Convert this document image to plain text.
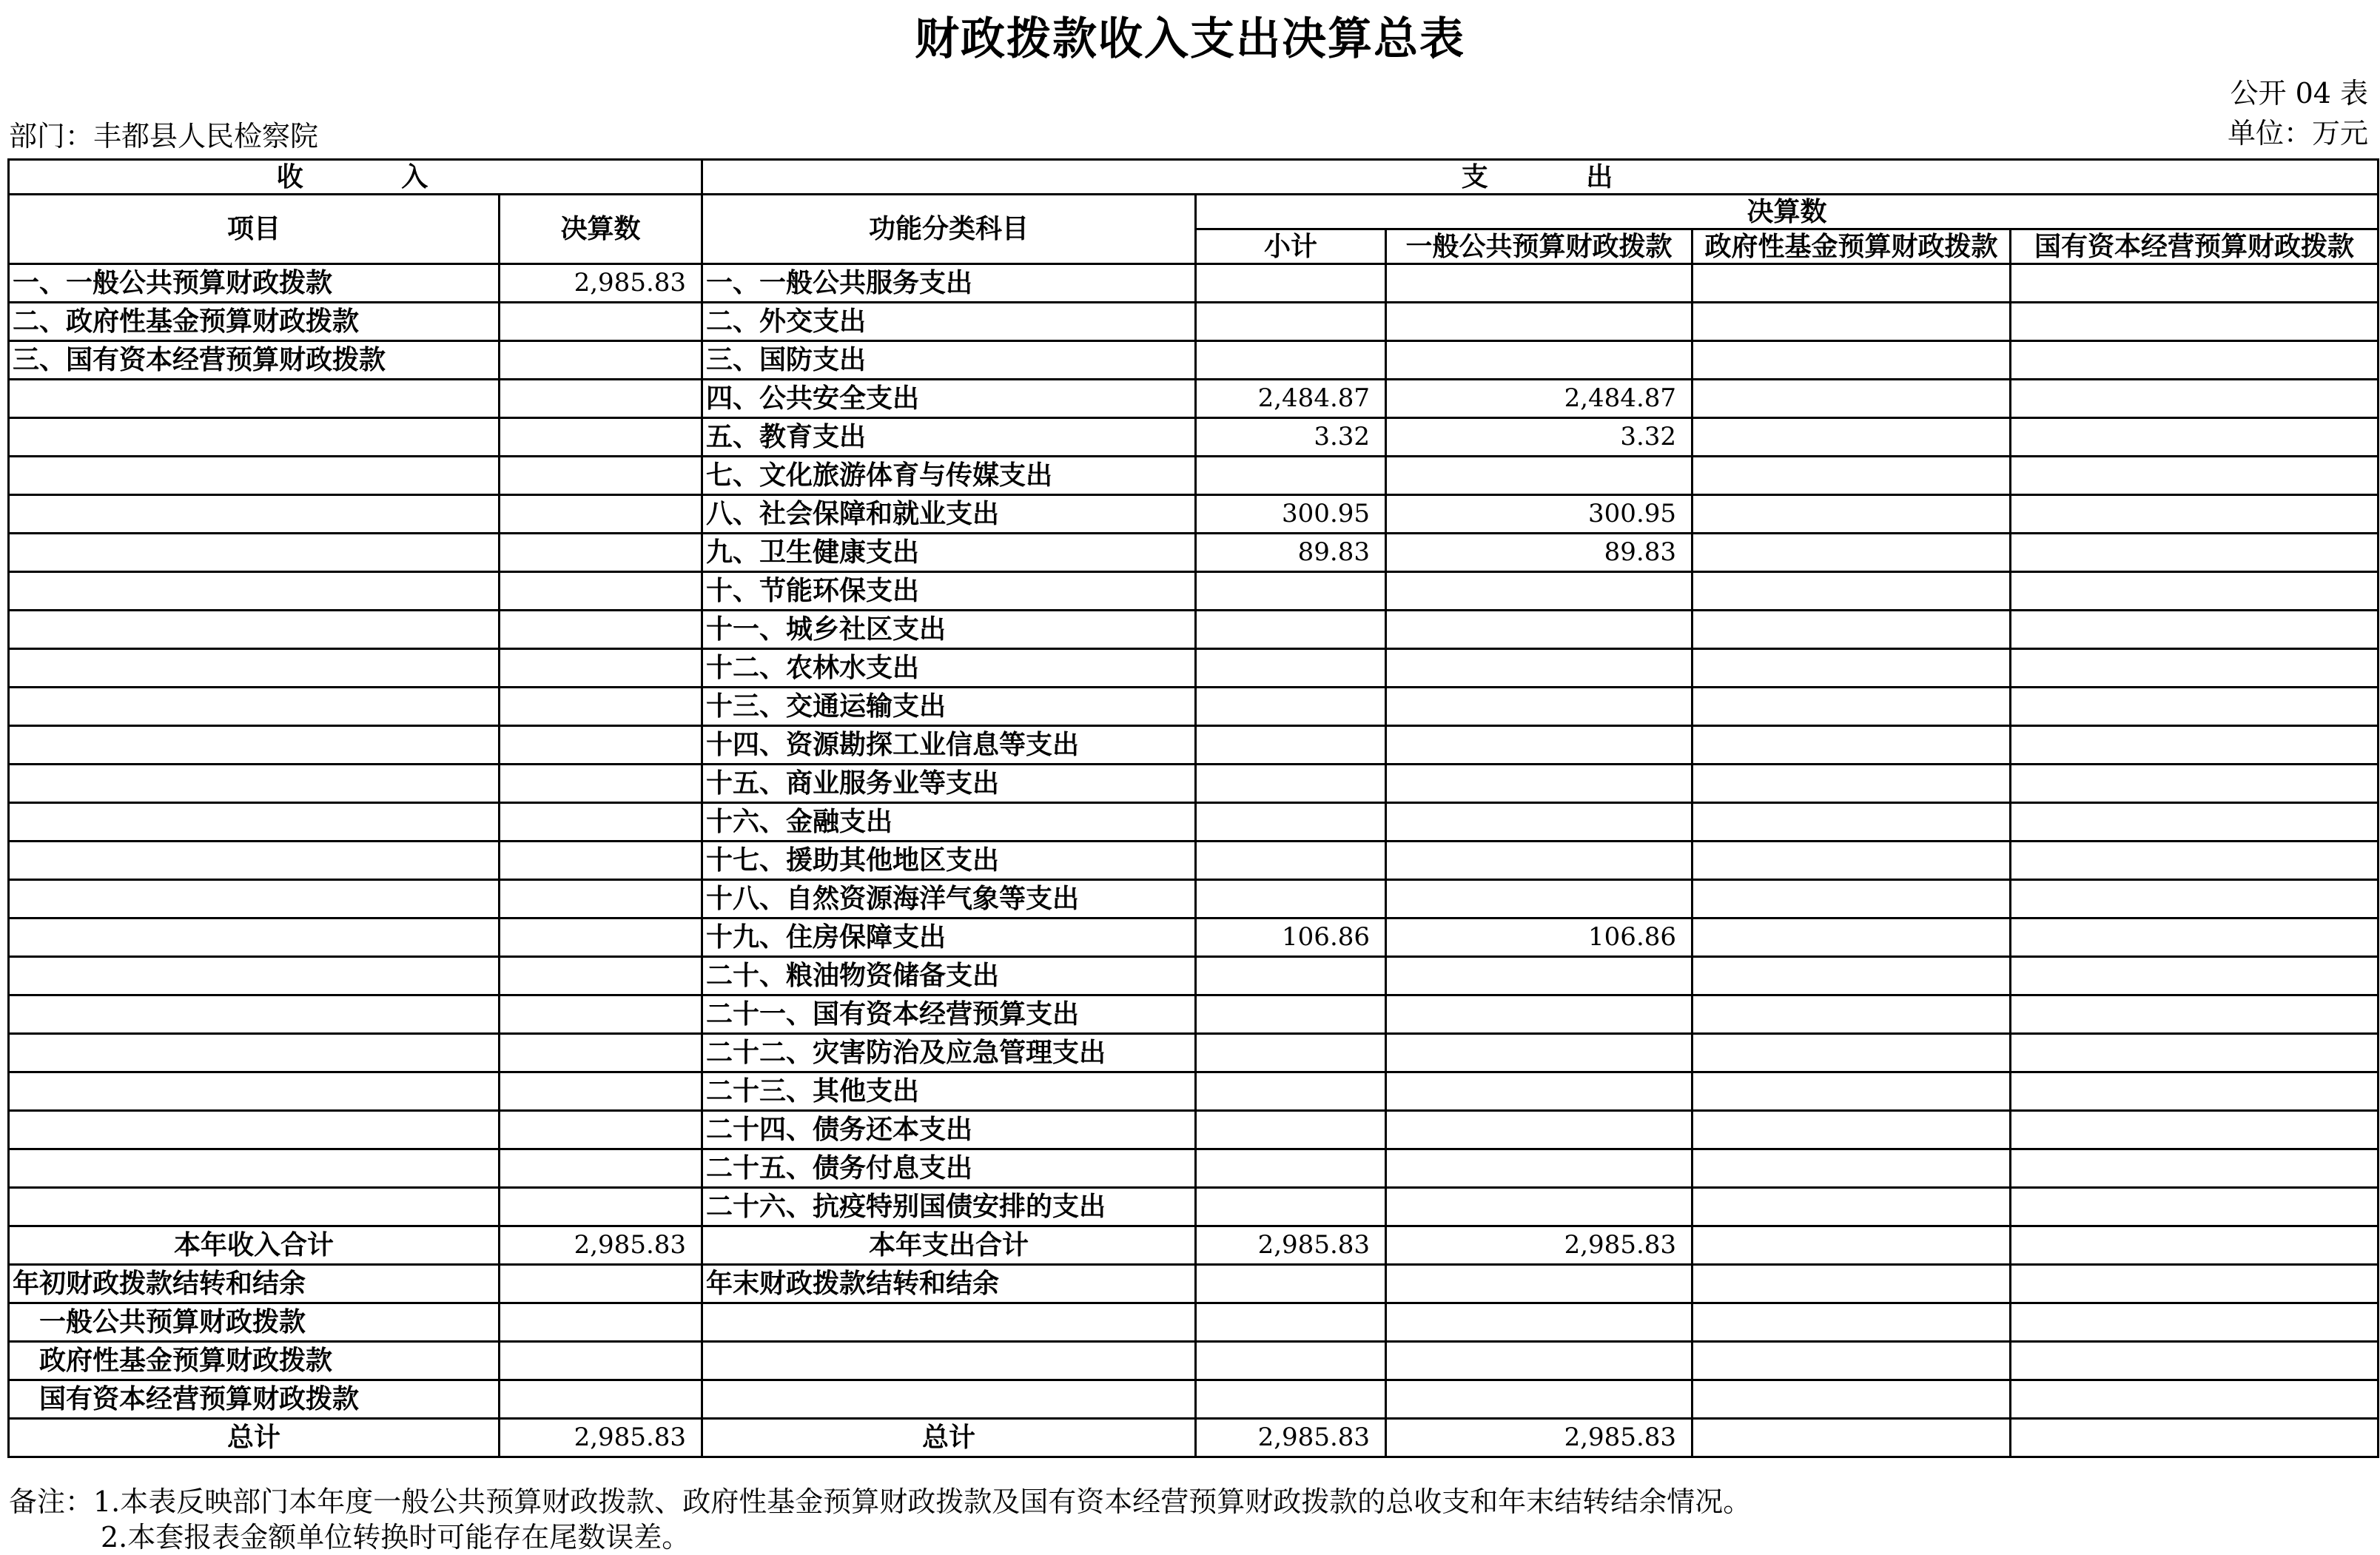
财政拨款收入支出决算总表
公开 04 表
部门：丰都县人民检察院	单位：万元
收 入		支 出				
项目	决算数	功能分类科目	决算数			
			小计	一般公共预算财政拨款	政府性基金预算财政拨款	国有资本经营预算财政拨款
一、一般公共预算财政拨款	2,985.83	一、一般公共服务支出				
二、政府性基金预算财政拨款		二、外交支出				
三、国有资本经营预算财政拨款		三、国防支出				
		四、公共安全支出	2,484.87	2,484.87		
		五、教育支出	3.32	3.32		
		七、文化旅游体育与传媒支出				
		八、社会保障和就业支出	300.95	300.95		
		九、卫生健康支出	89.83	89.83		
		十、节能环保支出				
		十一、城乡社区支出				
		十二、农林水支出				
		十三、交通运输支出				
		十四、资源勘探工业信息等支出				
		十五、商业服务业等支出				
		十六、金融支出				
		十七、援助其他地区支出				
		十八、自然资源海洋气象等支出				
		十九、住房保障支出	106.86	106.86		
		二十、粮油物资储备支出				
		二十一、国有资本经营预算支出				
		二十二、灾害防治及应急管理支出				
		二十三、其他支出				
		二十四、债务还本支出				
		二十五、债务付息支出				
		二十六、抗疫特别国债安排的支出				
本年收入合计	2,985.83	本年支出合计	2,985.83	2,985.83		
年初财政拨款结转和结余		年末财政拨款结转和结余				
一般公共预算财政拨款						
政府性基金预算财政拨款						
国有资本经营预算财政拨款						
总计	2,985.83	总计	2,985.83	2,985.83		
备注：1.本表反映部门本年度一般公共预算财政拨款、政府性基金预算财政拨款及国有资本经营预算财政拨款的总收支和年末结转结余情况。
2.本套报表金额单位转换时可能存在尾数误差。
